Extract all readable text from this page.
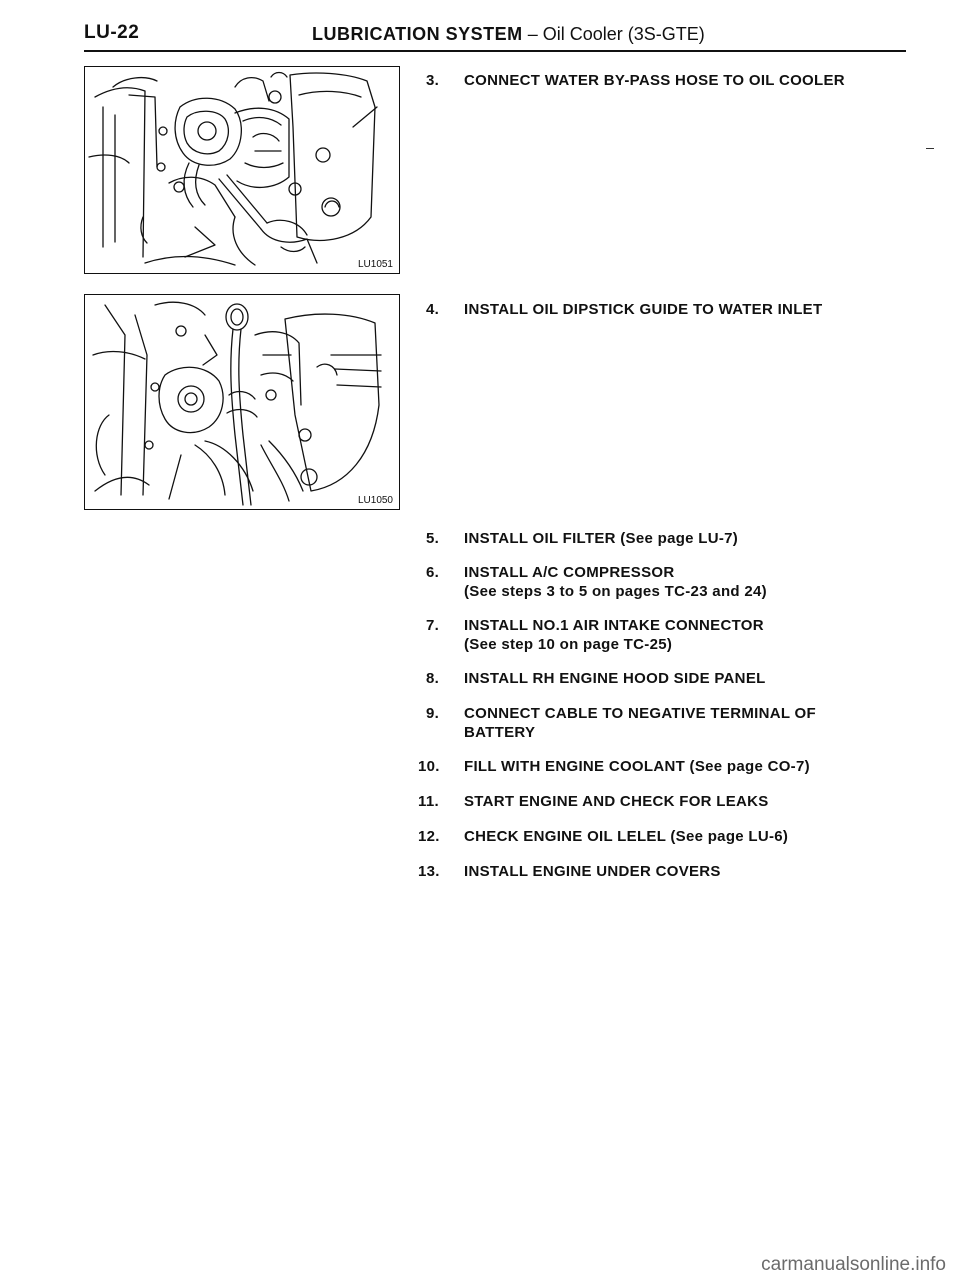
LU-22	LUBRICATION SYSTEM – Oil Cooler (3S-GTE)
LU1051
LU1050
3. CONNECT WATER BY-PASS HOSE TO OIL COOLER
4. INSTALL OIL DIPSTICK GUIDE TO WATER INLET
5. INSTALL OIL FILTER (See page LU-7)
6. INSTALL A/C COMPRESSOR
(See steps 3 to 5 on pages TC-23 and 24)
7. INSTALL NO.1 AIR INTAKE CONNECTOR
(See step 10 on page TC-25)
8. INSTALL RH ENGINE HOOD SIDE PANEL
9. CONNECT CABLE TO NEGATIVE TERMINAL OF
BATTERY
10. FILL WITH ENGINE COOLANT (See page CO-7)
11. START ENGINE AND CHECK FOR LEAKS
12. CHECK ENGINE OIL LELEL (See page LU-6)
13. INSTALL ENGINE UNDER COVERS
carmanualsonline.info
